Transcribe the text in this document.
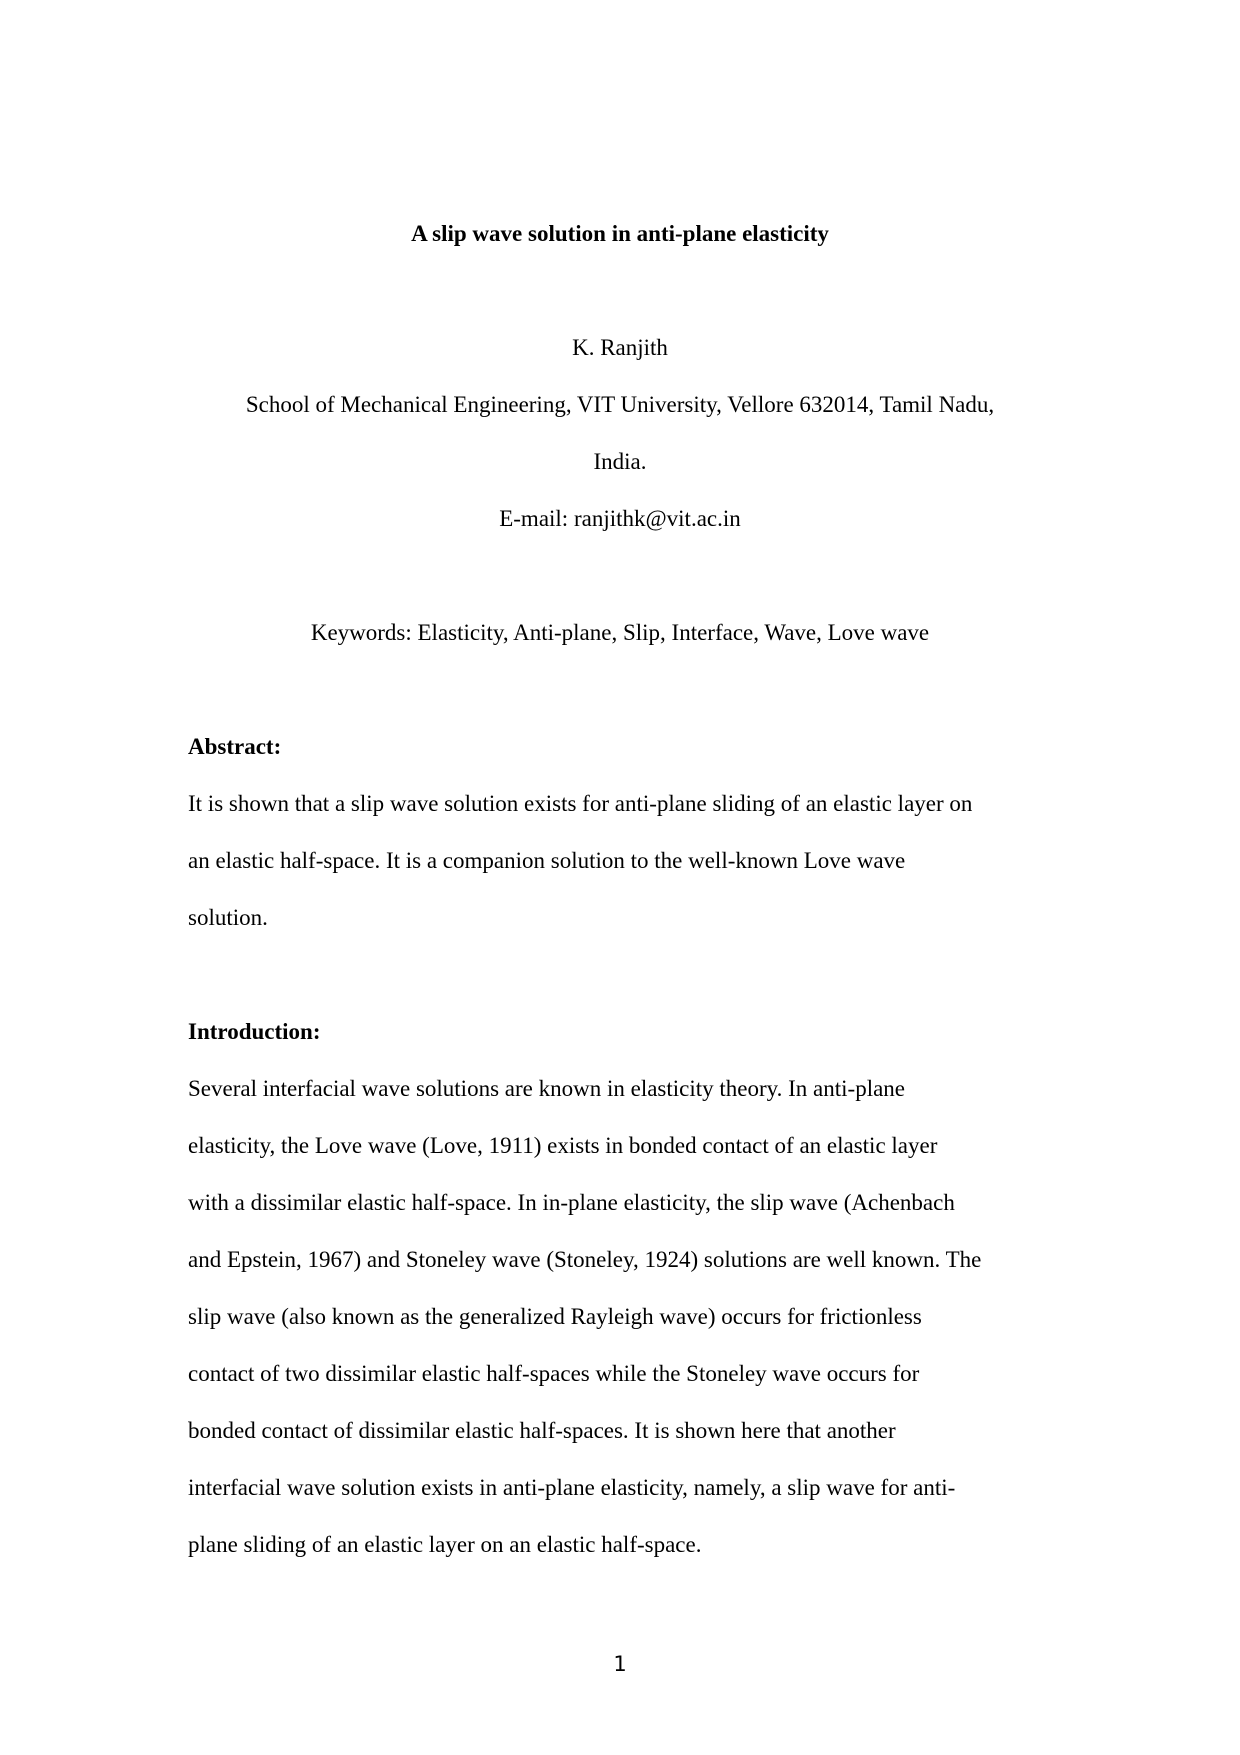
A slip wave solution in anti-plane elasticity
K. Ranjith
School of Mechanical Engineering, VIT University, Vellore 632014, Tamil Nadu,
India.
E-mail: ranjithk@vit.ac.in
Keywords: Elasticity, Anti-plane, Slip, Interface, Wave, Love wave
Abstract:
It is shown that a slip wave solution exists for anti-plane sliding of an elastic layer on
an elastic half-space. It is a companion solution to the well-known Love wave
solution.
Introduction:
Several interfacial wave solutions are known in elasticity theory. In anti-plane
elasticity, the Love wave (Love, 1911) exists in bonded contact of an elastic layer
with a dissimilar elastic half-space. In in-plane elasticity, the slip wave (Achenbach
and Epstein, 1967) and Stoneley wave (Stoneley, 1924) solutions are well known. The
slip wave (also known as the generalized Rayleigh wave) occurs for frictionless
contact of two dissimilar elastic half-spaces while the Stoneley wave occurs for
bonded contact of dissimilar elastic half-spaces. It is shown here that another
interfacial wave solution exists in anti-plane elasticity, namely, a slip wave for anti-
plane sliding of an elastic layer on an elastic half-space.
1
